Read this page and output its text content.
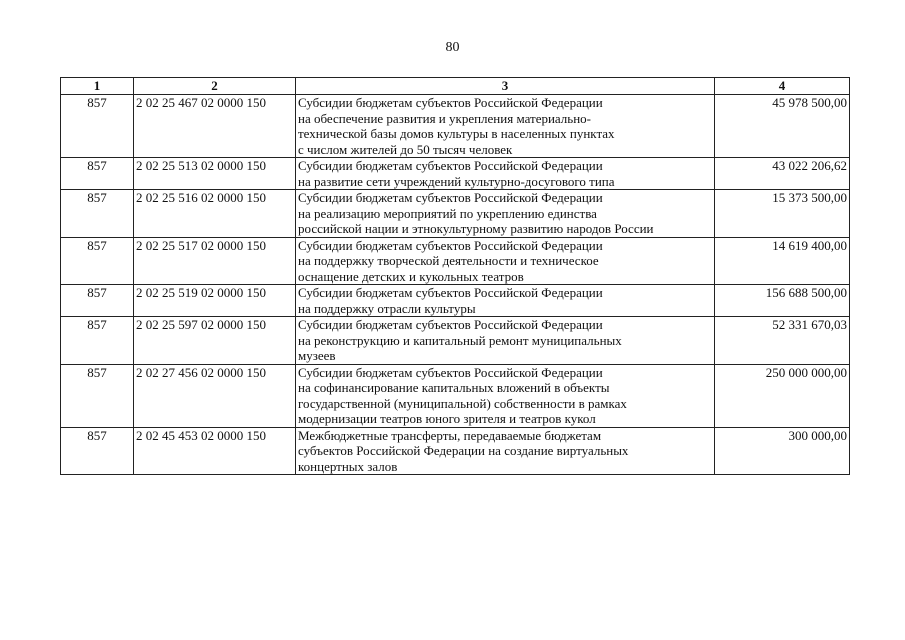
80
1	2	3	4
857	2 02 25 467 02 0000 150	Субсидии бюджетам субъектов Российской Федерации
на обеспечение развития и укрепления материально-
технической базы домов культуры в населенных пунктах
с числом жителей до 50 тысяч человек	45 978 500,00
857	2 02 25 513 02 0000 150	Субсидии бюджетам субъектов Российской Федерации
на развитие сети учреждений культурно-досугового типа	43 022 206,62
857	2 02 25 516 02 0000 150	Субсидии бюджетам субъектов Российской Федерации
на реализацию мероприятий по укреплению единства
российской нации и этнокультурному развитию народов России	15 373 500,00
857	2 02 25 517 02 0000 150	Субсидии бюджетам субъектов Российской Федерации
на поддержку творческой деятельности и техническое
оснащение детских и кукольных театров	14 619 400,00
857	2 02 25 519 02 0000 150	Субсидии бюджетам субъектов Российской Федерации
на поддержку отрасли культуры	156 688 500,00
857	2 02 25 597 02 0000 150	Субсидии бюджетам субъектов Российской Федерации
на реконструкцию и капитальный ремонт муниципальных
музеев	52 331 670,03
857	2 02 27 456 02 0000 150	Субсидии бюджетам субъектов Российской Федерации
на софинансирование капитальных вложений в объекты
государственной (муниципальной) собственности в рамках
модернизации театров юного зрителя и театров кукол	250 000 000,00
857	2 02 45 453 02 0000 150	Межбюджетные трансферты, передаваемые бюджетам
субъектов Российской Федерации на создание виртуальных
концертных залов	300 000,00
